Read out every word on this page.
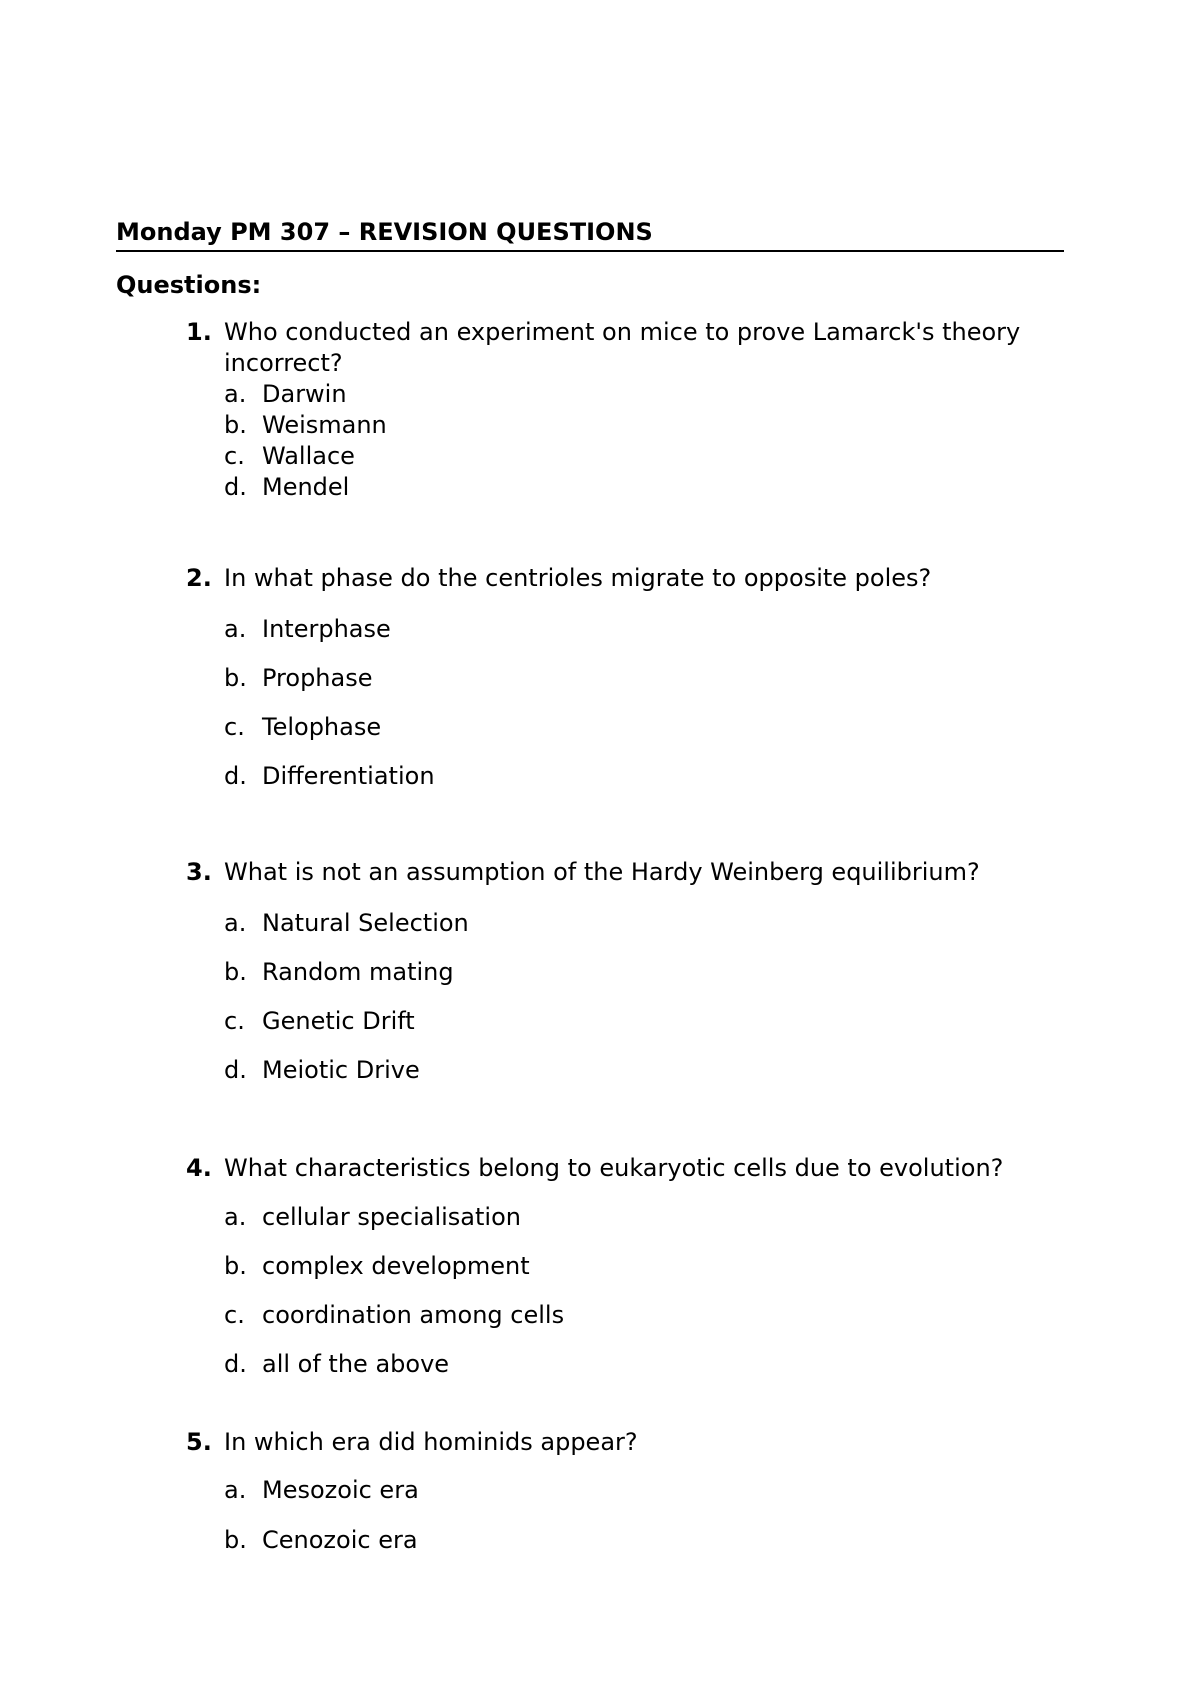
Monday PM 307 – REVISION QUESTIONS
Questions:
1. Who conducted an experiment on mice to prove Lamarck's theory incorrect?
a. Darwin
b. Weismann
c. Wallace
d. Mendel
2. In what phase do the centrioles migrate to opposite poles?
a. Interphase
b. Prophase
c. Telophase
d. Differentiation
3. What is not an assumption of the Hardy Weinberg equilibrium?
a. Natural Selection
b. Random mating
c. Genetic Drift
d. Meiotic Drive
4. What characteristics belong to eukaryotic cells due to evolution?
a. cellular specialisation
b. complex development
c. coordination among cells
d. all of the above
5. In which era did hominids appear?
a. Mesozoic era
b. Cenozoic era
